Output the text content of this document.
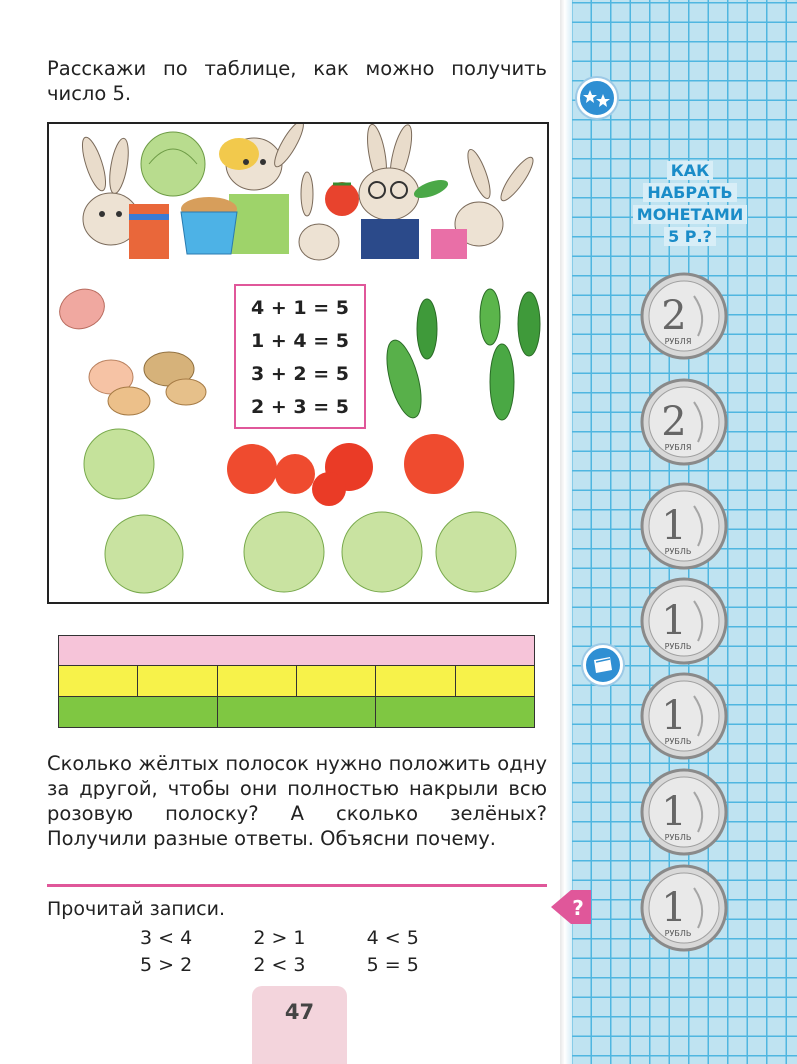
Расскажи по таблице, как можно получить число 5.

4 + 1 = 5
1 + 4 = 5
3 + 2 = 5
2 + 3 = 5

Сколько жёлтых полосок нужно положить одну за другой, чтобы они полностью накрыли всю розовую полоску? А сколько зелёных? Получили разные ответы. Объясни почему.

Прочитай записи.

3 < 4	2 > 1	4 < 5
5 > 2	2 < 3	5 = 5
47
КАК
НАБРАТЬ
МОНЕТАМИ
5 Р.?
2
РУБЛЯ
2
РУБЛЯ
1
РУБЛЬ
1
РУБЛЬ
1
РУБЛЬ
1
РУБЛЬ
1
РУБЛЬ
?
